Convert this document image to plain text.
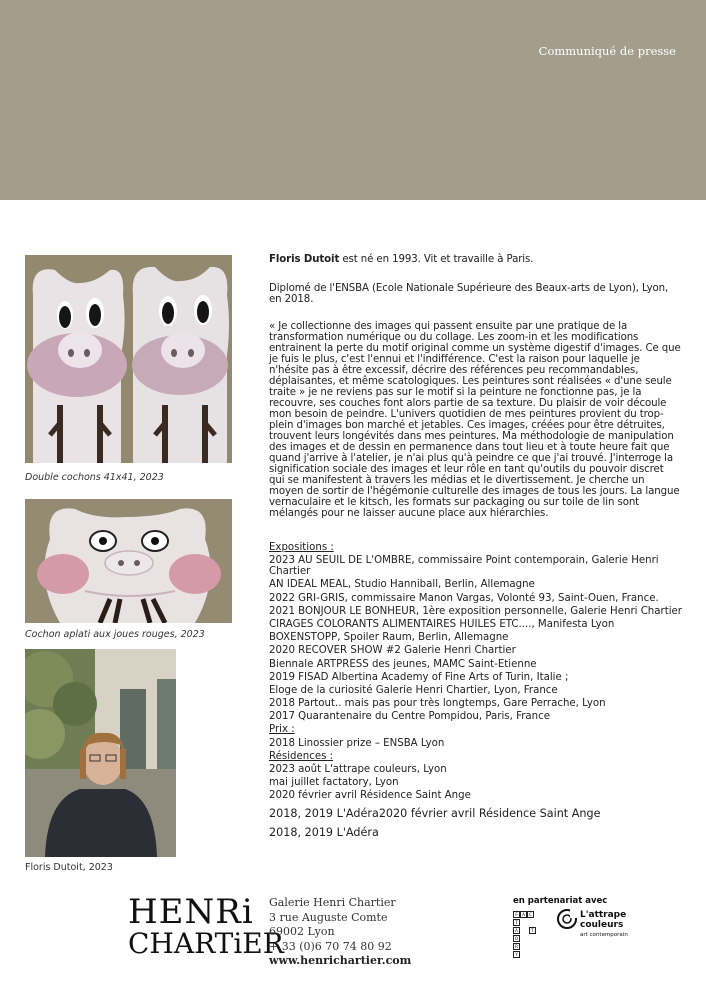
Communiqué de presse
Double cochons 41x41, 2023
Cochon aplati aux joues rouges, 2023
Floris Dutoit, 2023
Floris Dutoit est né en 1993. Vit et travaille à Paris.
Diplomé de l'ENSBA (Ecole Nationale Supérieure des Beaux-arts de Lyon), Lyon, en 2018.
« Je collectionne des images qui passent ensuite par une pratique de la transformation numérique ou du collage. Les zoom-in et les modifications entrainent la perte du motif original comme un système digestif d'images. Ce que je fuis le plus, c'est l'ennui et l'indifférence. C'est la raison pour laquelle je n'hésite pas à être excessif, décrire des références peu recommandables, déplaisantes, et même scatologiques. Les peintures sont réalisées « d'une seule traite » je ne reviens pas sur le motif si la peinture ne fonctionne pas, je la recouvre, ses couches font alors partie de sa texture. Du plaisir de voir découle mon besoin de peindre. L'univers quotidien de mes peintures provient du trop-plein d'images bon marché et jetables. Ces images, créées pour être détruites, trouvent leurs longévités dans mes peintures. Ma méthodologie de manipulation des images et de dessin en permanence dans tout lieu et à toute heure fait que quand j'arrive à l'atelier, je n'ai plus qu'à peindre ce que j'ai trouvé. J'interroge la signification sociale des images et leur rôle en tant qu'outils du pouvoir discret qui se manifestent à travers les médias et le divertissement. Je cherche un moyen de sortir de l'hégémonie culturelle des images de tous les jours. La langue vernaculaire et le kitsch, les formats sur packaging ou sur toile de lin sont mélangés pour ne laisser aucune place aux hiérarchies.
Expositions :
2023 AU SEUIL DE L'OMBRE, commissaire Point contemporain, Galerie Henri Chartier
AN IDEAL MEAL, Studio Hanniball, Berlin, Allemagne
2022 GRI-GRIS, commissaire Manon Vargas, Volonté 93, Saint-Ouen, France.
2021 BONJOUR LE BONHEUR, 1ère exposition personnelle, Galerie Henri Chartier
CIRAGES COLORANTS ALIMENTAIRES HUILES ETC...., Manifesta Lyon
BOXENSTOPP, Spoiler Raum, Berlin, Allemagne
2020 RECOVER SHOW #2 Galerie Henri Chartier
Biennale ARTPRESS des jeunes, MAMC Saint-Etienne
2019 FISAD Albertina Academy of Fine Arts of Turin, Italie ;
Eloge de la curiosité Galerie Henri Chartier, Lyon, France
2018 Partout.. mais pas pour très longtemps, Gare Perrache, Lyon
2017 Quarantenaire du Centre Pompidou, Paris, France
Prix :
2018 Linossier prize – ENSBA Lyon
Résidences :
2023 août L'attrape couleurs, Lyon
mai juillet factatory, Lyon
2020 février avril Résidence Saint Ange
2018, 2019 L'Adéra2020 février avril Résidence Saint Ange
2018, 2019 L'Adéra
HENRi
CHARTiER
Galerie Henri Chartier
3 rue Auguste Comte
69002 Lyon
+ 33 (0)6 70 74 80 92
www.henrichartier.com
en partenariat avec
F A C
T
A	T
O
R
Y
L'attrape couleurs
art contemporain
